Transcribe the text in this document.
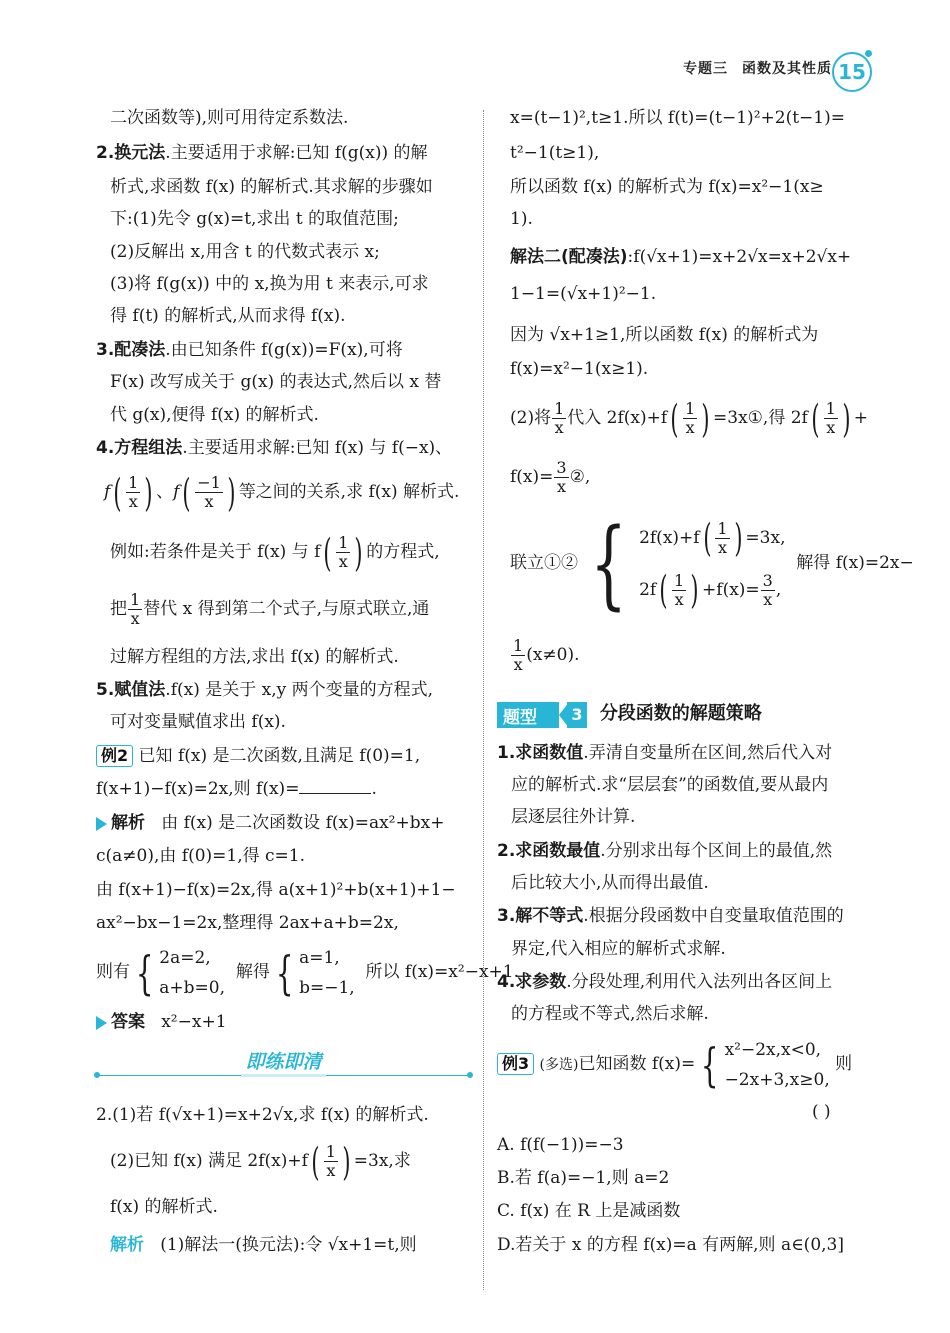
专题三 函数及其性质 15
二次函数等),则可用待定系数法.
2.换元法.主要适用于求解:已知 f(g(x)) 的解
析式,求函数 f(x) 的解析式.其求解的步骤如
下:(1)先令 g(x)=t,求出 t 的取值范围;
(2)反解出 x,用含 t 的代数式表示 x;
(3)将 f(g(x)) 中的 x,换为用 t 来表示,可求
得 f(t) 的解析式,从而求得 f(x).
3.配凑法.由已知条件 f(g(x))=F(x),可将
F(x) 改写成关于 g(x) 的表达式,然后以 x 替
代 g(x),便得 f(x) 的解析式.
4.方程组法.主要适用求解:已知 f(x) 与 f(−x)、
$f( \frac{1}{x}$ ) 、$f( \frac{-1}{x}$ ) 等之间的关系,求 f(x) 解析式.
例如:若条件是关于 f(x) 与 $f( \frac{1}{x}$ ) 的方程式,
把 $\frac{1}{x}$ 替代 x 得到第二个式子,与原式联立,通
过解方程组的方法,求出 f(x) 的解析式.
5.赋值法.f(x) 是关于 x,y 两个变量的方程式,
可对变量赋值求出 f(x).
例2 已知 f(x) 是二次函数,且满足 f(0)=1,
f(x+1)−f(x)=2x,则 f(x)=	.
解析 由 f(x) 是二次函数设 f(x)=ax²+bx+
c(a≠0),由 f(0)=1,得 c=1.
由 f(x+1)−f(x)=2x,得 a(x+1)²+b(x+1)+1−
ax²−bx−1=2x,整理得 2ax+a+b=2x,
则有 { 2a=2,
a+b=0,
解得 { a=1,
b=−1,
所以 f(x)=x²−x+1.
答案 x²−x+1
即练即清
2.(1)若 f(√x+1)=x+2√x,求 f(x) 的解析式.
(2)已知 f(x) 满足 $2f(x)+f( \frac{1}{x}$ ) =3x,求
f(x) 的解析式.
解析 (1)解法一(换元法):令 √x+1=t,则
x=(t−1)²,t≥1.所以 f(t)=(t−1)²+2(t−1)=
t²−1(t≥1),
所以函数 f(x) 的解析式为 f(x)=x²−1(x≥
1).
解法二(配凑法):f(√x+1)=x+2√x=x+2√x+
1−1=(√x+1)²−1.
因为 √x+1≥1,所以函数 f(x) 的解析式为
f(x)=x²−1(x≥1).
(2)将 $\frac{1}{x}$ 代入 $2f(x)+f( \frac{1}{x}$ ) =3x①,得 $2f( \frac{1}{x}$ ) +
$f(x)= \frac{3}{x}$ ②,
联立①② { $2f(x)+f( \frac{1}{x}$ ) =3x,
$2f( \frac{1}{x}$ ) $+f(x)= \frac{3}{x}$ ,
解得 f(x)=2x−
$\frac{1}{x} (x\ne 0)$.
题型 3 分段函数的解题策略
1.求函数值.弄清自变量所在区间,然后代入对
应的解析式.求“层层套”的函数值,要从最内
层逐层往外计算.
2.求函数最值.分别求出每个区间上的最值,然
后比较大小,从而得出最值.
3.解不等式.根据分段函数中自变量取值范围的
界定,代入相应的解析式求解.
4.求参数.分段处理,利用代入法列出各区间上
的方程或不等式,然后求解.
例3 (多选)已知函数 f(x)= { x²−2x,x<0,
−2x+3,x≥0,
则
( )
A. f(f(−1))=−3
B.若 f(a)=−1,则 a=2
C. f(x) 在 R 上是减函数
D.若关于 x 的方程 f(x)=a 有两解,则 a∈(0,3]
